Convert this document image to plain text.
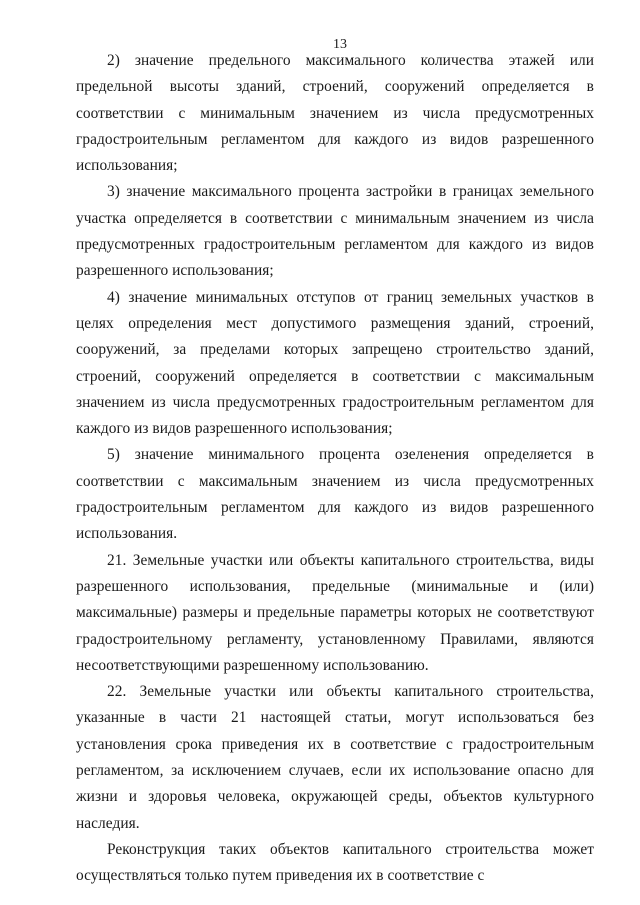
13

2) значение предельного максимального количества этажей или предельной высоты зданий, строений, сооружений определяется в соответствии с минимальным значением из числа предусмотренных градостроительным регламентом для каждого из видов разрешенного использования;

3) значение максимального процента застройки в границах земельного участка определяется в соответствии с минимальным значением из числа предусмотренных градостроительным регламентом для каждого из видов разрешенного использования;

4) значение минимальных отступов от границ земельных участков в целях определения мест допустимого размещения зданий, строений, сооружений, за пределами которых запрещено строительство зданий, строений, сооружений определяется в соответствии с максимальным значением из числа предусмотренных градостроительным регламентом для каждого из видов разрешенного использования;

5) значение минимального процента озеленения определяется в соответствии с максимальным значением из числа предусмотренных градостроительным регламентом для каждого из видов разрешенного использования.

21. Земельные участки или объекты капитального строительства, виды разрешенного использования, предельные (минимальные и (или) максимальные) размеры и предельные параметры которых не соответствуют градостроительному регламенту, установленному Правилами, являются несоответствующими разрешенному использованию.

22. Земельные участки или объекты капитального строительства, указанные в части 21 настоящей статьи, могут использоваться без установления срока приведения их в соответствие с градостроительным регламентом, за исключением случаев, если их использование опасно для жизни и здоровья человека, окружающей среды, объектов культурного наследия.

Реконструкция таких объектов капитального строительства может осуществляться только путем приведения их в соответствие с
